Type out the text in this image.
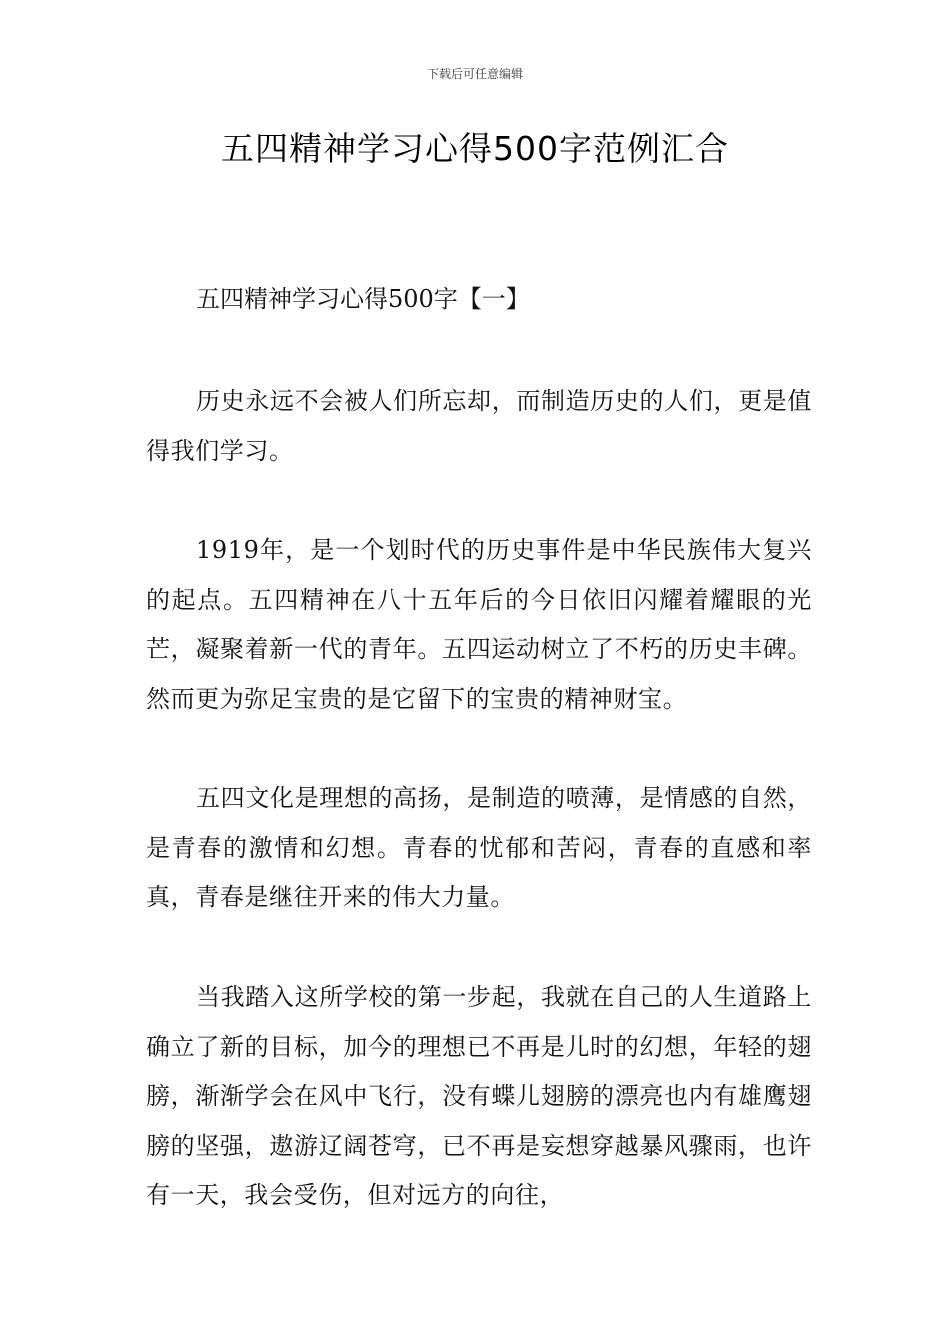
下载后可任意编辑
五四精神学习心得500字范例汇合
五四精神学习心得500字【一】

历史永远不会被人们所忘却，而制造历史的人们，更是值得我们学习。

1919年，是一个划时代的历史事件是中华民族伟大复兴的起点。五四精神在八十五年后的今日依旧闪耀着耀眼的光芒，凝聚着新一代的青年。五四运动树立了不朽的历史丰碑。然而更为弥足宝贵的是它留下的宝贵的精神财宝。

五四文化是理想的高扬，是制造的喷薄，是情感的自然，是青春的激情和幻想。青春的忧郁和苦闷，青春的直感和率真，青春是继往开来的伟大力量。

当我踏入这所学校的第一步起，我就在自己的人生道路上确立了新的目标，加今的理想已不再是儿时的幻想，年轻的翅膀，渐渐学会在风中飞行，没有蝶儿翅膀的漂亮也内有雄鹰翅膀的坚强，遨游辽阔苍穹，已不再是妄想穿越暴风骤雨，也许有一天，我会受伤，但对远方的向往，
